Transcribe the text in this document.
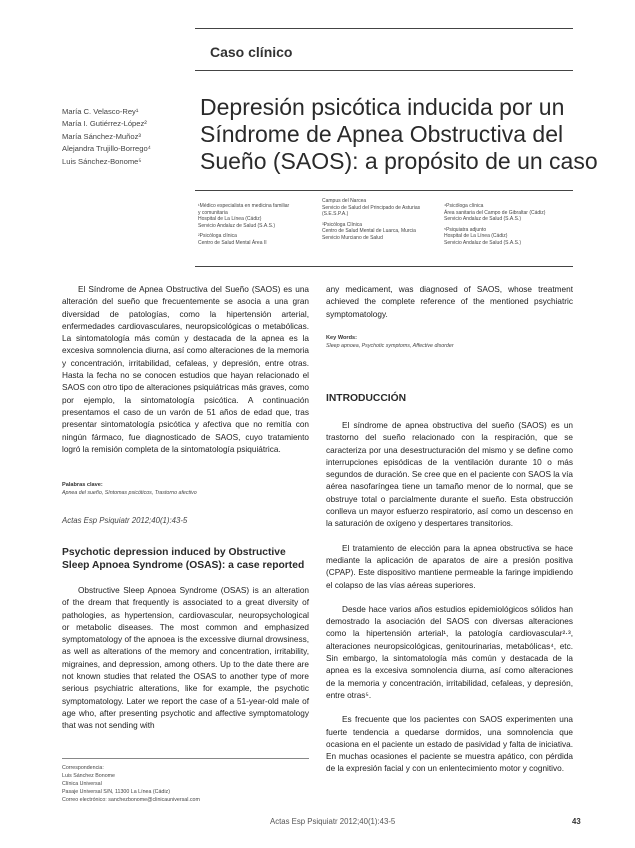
Caso clínico
María C. Velasco-Rey¹
María I. Gutiérrez-López²
María Sánchez-Muñoz³
Alejandra Trujillo-Borrego⁴
Luis Sánchez-Bonome⁵
Depresión psicótica inducida por un
Síndrome de Apnea Obstructiva del
Sueño (SAOS): a propósito de un caso
¹Médico especialista en medicina familiar
y comunitaria
Hospital de La Línea (Cádiz)
Servicio Andaluz de Salud (S.A.S.)
²Psicóloga clínica
Centro de Salud Mental Área II
Campus del Narcea
Servicio de Salud del Principado de Asturias
(S.E.S.P.A.)
³Psicóloga Clínica
Centro de Salud Mental de Luarca, Murcia
Servicio Murciano de Salud
⁴Psicóloga clínica
Área sanitaria del Campo de Gibraltar (Cádiz)
Servicio Andaluz de Salud (S.A.S.)
⁵Psiquiatra adjunto
Hospital de La Línea (Cádiz)
Servicio Andaluz de Salud (S.A.S.)

El Síndrome de Apnea Obstructiva del Sueño (SAOS) es una alteración del sueño que frecuentemente se asocia a una gran diversidad de patologías, como la hipertensión arterial, enfermedades cardiovasculares, neuropsicológicas o metabólicas. La sintomatología más común y destacada de la apnea es la excesiva somnolencia diurna, así como alteraciones de la memoria y concentración, irritabilidad, cefaleas, y depresión, entre otras. Hasta la fecha no se conocen estudios que hayan relacionado el SAOS con otro tipo de alteraciones psiquiátricas más graves, como por ejemplo, la sintomatología psicótica. A continuación presentamos el caso de un varón de 51 años de edad que, tras presentar sintomatología psicótica y afectiva que no remitía con ningún fármaco, fue diagnosticado de SAOS, cuyo tratamiento logró la remisión completa de la sintomatología psiquiátrica.

Palabras clave:
Apnea del sueño, Síntomas psicóticos, Trastorno afectivo
Actas Esp Psiquiatr 2012;40(1):43-5
Psychotic depression induced by Obstructive
Sleep Apnoea Syndrome (OSAS): a case reported

Obstructive Sleep Apnoea Syndrome (OSAS) is an alteration of the dream that frequently is associated to a great diversity of pathologies, as hypertension, cardiovascular, neuropsychological or metabolic diseases. The most common and emphasized symptomatology of the apnoea is the excessive diurnal drowsiness, as well as alterations of the memory and concentration, irritability, migraines, and depression, among others. Up to the date there are not known studies that related the OSAS to another type of more serious psychiatric alterations, like for example, the psychotic symptomatology. Later we report the case of a 51-year-old male of age who, after presenting psychotic and affective symptomatology that was not sending with

Correspondencia:
Luis Sánchez Bonome
Clínica Universal
Pasaje Universal S/N, 11300 La Línea (Cádiz)
Correo electrónico: sanchezbonome@clinicauniversal.com

any medicament, was diagnosed of SAOS, whose treatment achieved the complete reference of the mentioned psychiatric symptomatology.

Key Words:
Sleep apnoea, Psychotic symptoms, Affective disorder
INTRODUCCIÓN

El síndrome de apnea obstructiva del sueño (SAOS) es un trastorno del sueño relacionado con la respiración, que se caracteriza por una desestructuración del mismo y se define como interrupciones episódicas de la ventilación durante 10 o más segundos de duración. Se cree que en el paciente con SAOS la vía aérea nasofaríngea tiene un tamaño menor de lo normal, que se obstruye total o parcialmente durante el sueño. Esta obstrucción conlleva un mayor esfuerzo respiratorio, así como un descenso en la saturación de oxígeno y despertares transitorios.

El tratamiento de elección para la apnea obstructiva se hace mediante la aplicación de aparatos de aire a presión positiva (CPAP). Este dispositivo mantiene permeable la faringe impidiendo el colapso de las vías aéreas superiores.

Desde hace varios años estudios epidemiológicos sólidos han demostrado la asociación del SAOS con diversas alteraciones como la hipertensión arterial¹, la patología cardiovascular²·³, alteraciones neuropsicológicas, genitourinarias, metabólicas⁴, etc. Sin embargo, la sintomatología más común y destacada de la apnea es la excesiva somnolencia diurna, así como alteraciones de la memoria y concentración, irritabilidad, cefaleas, y depresión, entre otras⁵.

Es frecuente que los pacientes con SAOS experimenten una fuerte tendencia a quedarse dormidos, una somnolencia que ocasiona en el paciente un estado de pasividad y falta de iniciativa. En muchas ocasiones el paciente se muestra apático, con pérdida de la expresión facial y con un enlentecimiento motor y cognitivo.

Actas Esp Psiquiatr 2012;40(1):43-5	43
